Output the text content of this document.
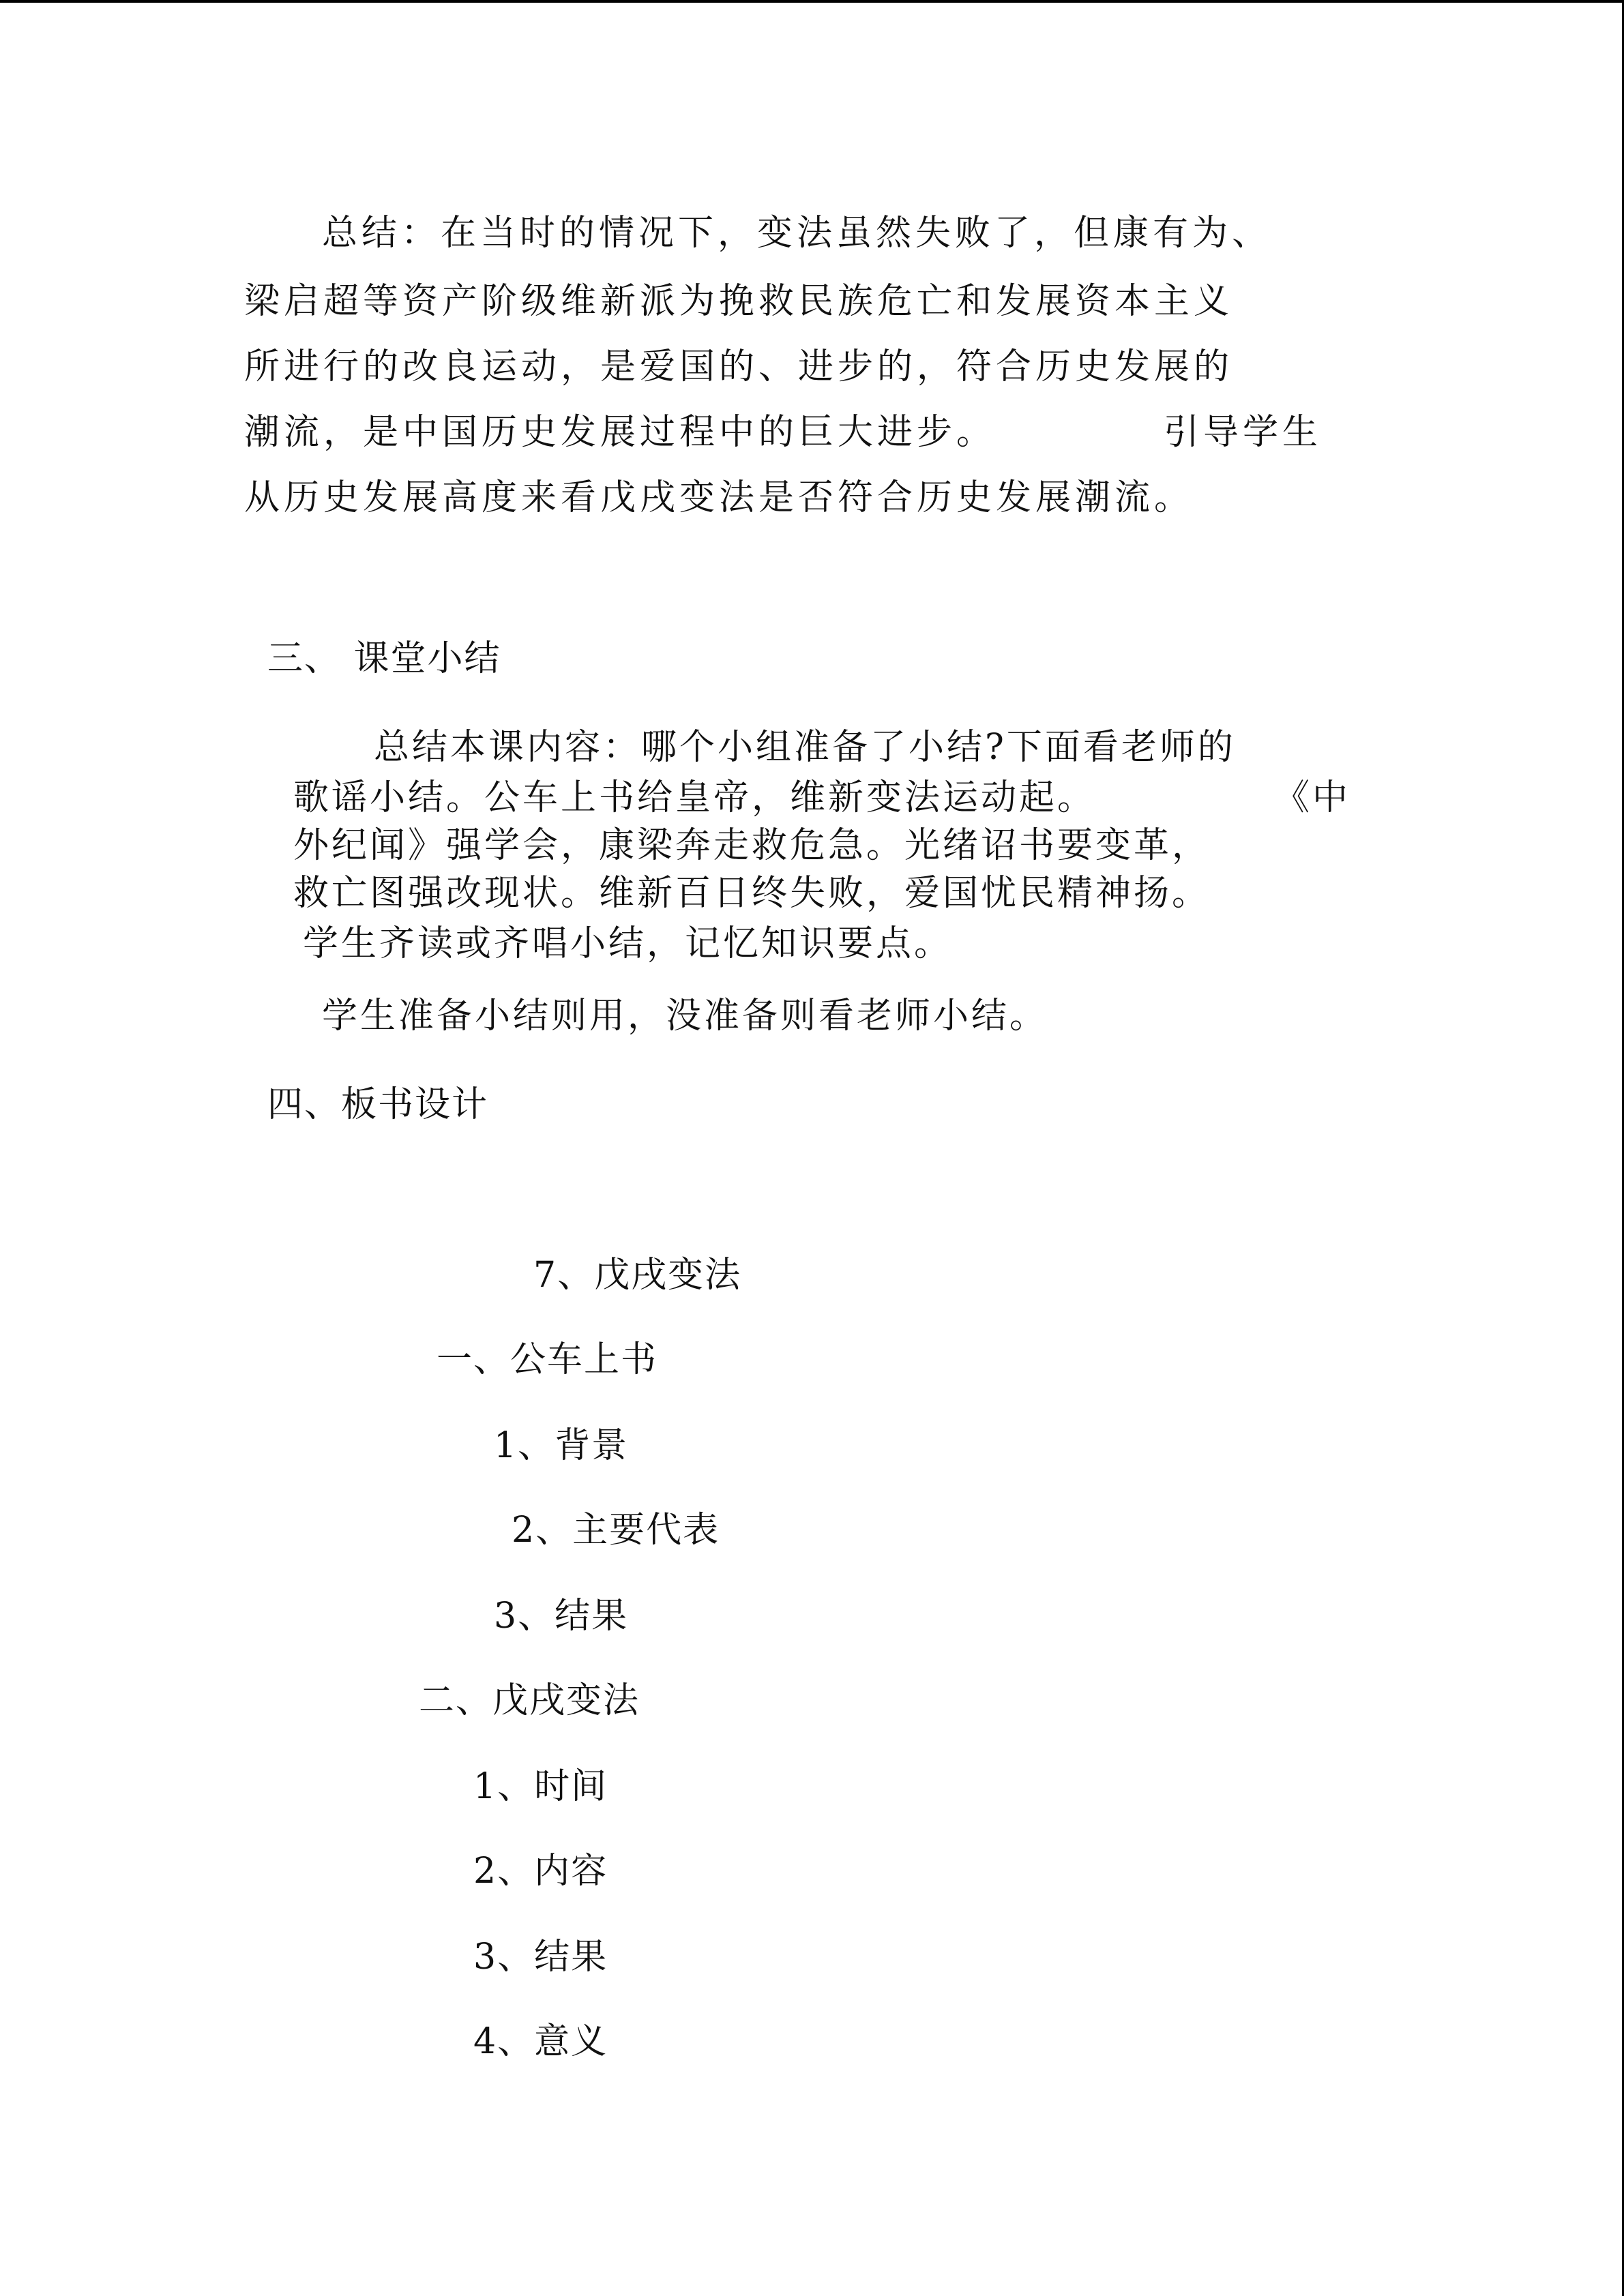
总结：在当时的情况下，变法虽然失败了，但康有为、
梁启超等资产阶级维新派为挽救民族危亡和发展资本主义
所进行的改良运动，是爱国的、进步的，符合历史发展的
潮流，是中国历史发展过程中的巨大进步。	引导学生
从历史发展高度来看戊戌变法是否符合历史发展潮流。
三、 课堂小结
总结本课内容：哪个小组准备了小结?下面看老师的
歌谣小结。公车上书给皇帝，维新变法运动起。	《中
外纪闻》强学会，康梁奔走救危急。光绪诏书要变革，
救亡图强改现状。维新百日终失败，爱国忧民精神扬。
学生齐读或齐唱小结，记忆知识要点。
学生准备小结则用，没准备则看老师小结。
四、板书设计
7、戊戌变法
一、公车上书
1、背景
2、主要代表
3、结果
二、戊戌变法
1、时间
2、内容
3、结果
4、意义
